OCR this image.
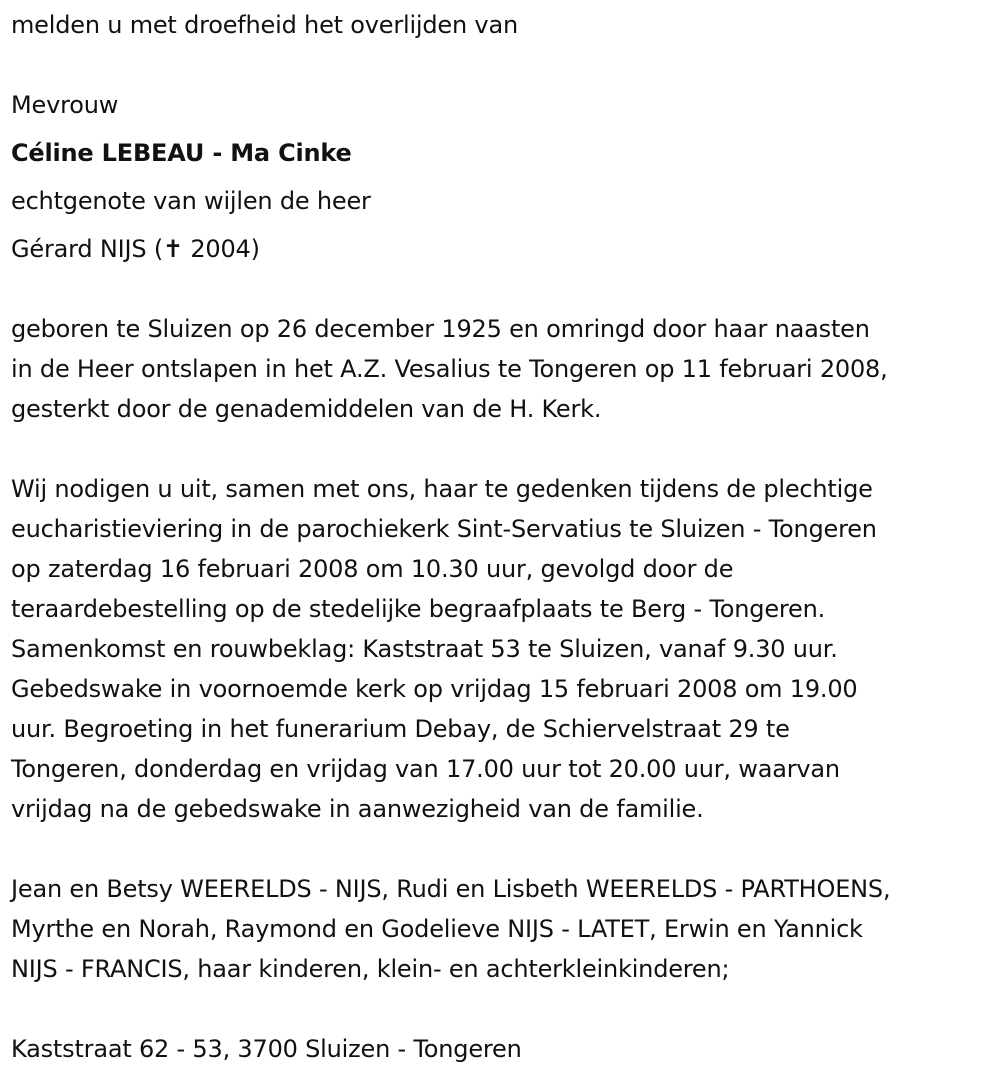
melden u met droefheid het overlijden van
Mevrouw
Céline LEBEAU - Ma Cinke
echtgenote van wijlen de heer
Gérard NIJS (✝ 2004)
geboren te Sluizen op 26 december 1925 en omringd door haar naasten
in de Heer ontslapen in het A.Z. Vesalius te Tongeren op 11 februari 2008,
gesterkt door de genademiddelen van de H. Kerk.
Wij nodigen u uit, samen met ons, haar te gedenken tijdens de plechtige
eucharistieviering in de parochiekerk Sint-Servatius te Sluizen - Tongeren
op zaterdag 16 februari 2008 om 10.30 uur, gevolgd door de
teraardebestelling op de stedelijke begraafplaats te Berg - Tongeren.
Samenkomst en rouwbeklag: Kaststraat 53 te Sluizen, vanaf 9.30 uur.
Gebedswake in voornoemde kerk op vrijdag 15 februari 2008 om 19.00
uur. Begroeting in het funerarium Debay, de Schiervelstraat 29 te
Tongeren, donderdag en vrijdag van 17.00 uur tot 20.00 uur, waarvan
vrijdag na de gebedswake in aanwezigheid van de familie.
Jean en Betsy WEERELDS - NIJS, Rudi en Lisbeth WEERELDS - PARTHOENS,
Myrthe en Norah, Raymond en Godelieve NIJS - LATET, Erwin en Yannick
NIJS - FRANCIS, haar kinderen, klein- en achterkleinkinderen;
Kaststraat 62 - 53, 3700 Sluizen - Tongeren
